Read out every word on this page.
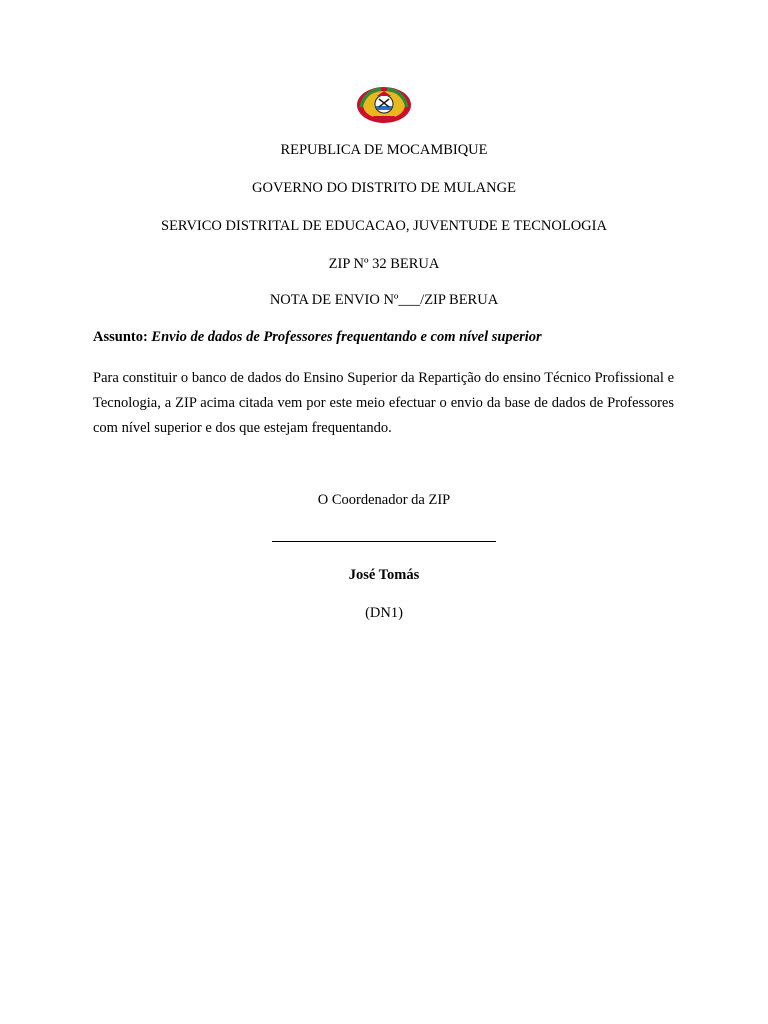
REPUBLICA DE MOCAMBIQUE
GOVERNO DO DISTRITO DE MULANGE
SERVICO DISTRITAL DE EDUCACAO, JUVENTUDE E TECNOLOGIA
ZIP Nº 32 BERUA
NOTA DE ENVIO Nº___/ZIP BERUA
Assunto: Envio de dados de Professores frequentando e com nível superior
Para constituir o banco de dados do Ensino Superior da Repartição do ensino Técnico Profissional e Tecnologia, a ZIP acima citada vem por este meio efectuar o envio da base de dados de Professores com nível superior e dos que estejam frequentando.
O Coordenador da ZIP
José Tomás
(DN1)
